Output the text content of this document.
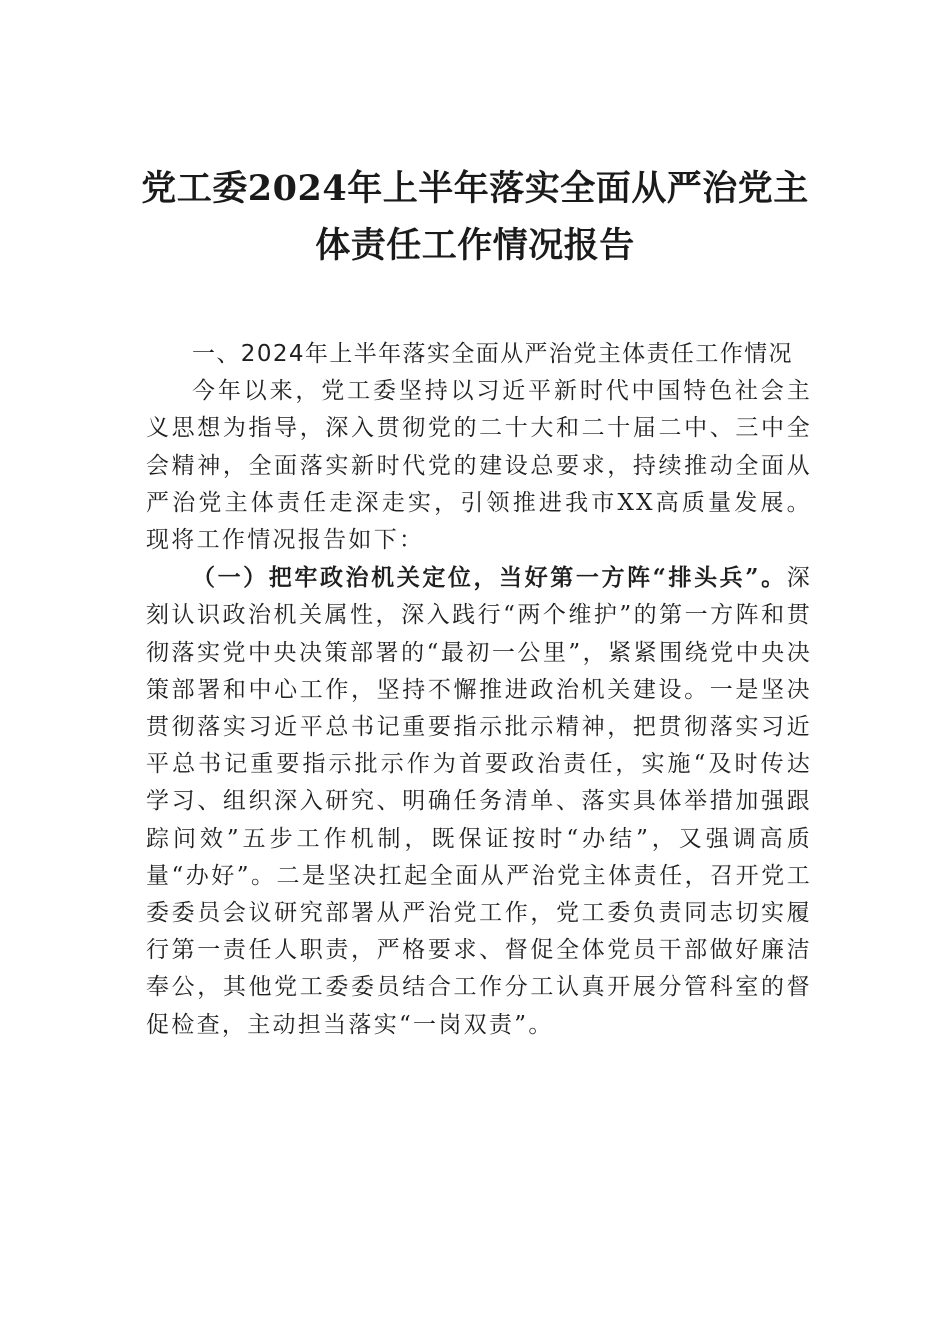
党工委2024年上半年落实全面从严治党主体责任工作情况报告

一、2024年上半年落实全面从严治党主体责任工作情况

今年以来，党工委坚持以习近平新时代中国特色社会主义思想为指导，深入贯彻党的二十大和二十届二中、三中全会精神，全面落实新时代党的建设总要求，持续推动全面从严治党主体责任走深走实，引领推进我市XX高质量发展。现将工作情况报告如下：

（一）把牢政治机关定位，当好第一方阵“排头兵”。深刻认识政治机关属性，深入践行“两个维护”的第一方阵和贯彻落实党中央决策部署的“最初一公里”，紧紧围绕党中央决策部署和中心工作，坚持不懈推进政治机关建设。一是坚决贯彻落实习近平总书记重要指示批示精神，把贯彻落实习近平总书记重要指示批示作为首要政治责任，实施“及时传达学习、组织深入研究、明确任务清单、落实具体举措加强跟踪问效”五步工作机制，既保证按时“办结”，又强调高质量“办好”。二是坚决扛起全面从严治党主体责任，召开党工委委员会议研究部署从严治党工作，党工委负责同志切实履行第一责任人职责，严格要求、督促全体党员干部做好廉洁奉公，其他党工委委员结合工作分工认真开展分管科室的督促检查，主动担当落实“一岗双责”。
